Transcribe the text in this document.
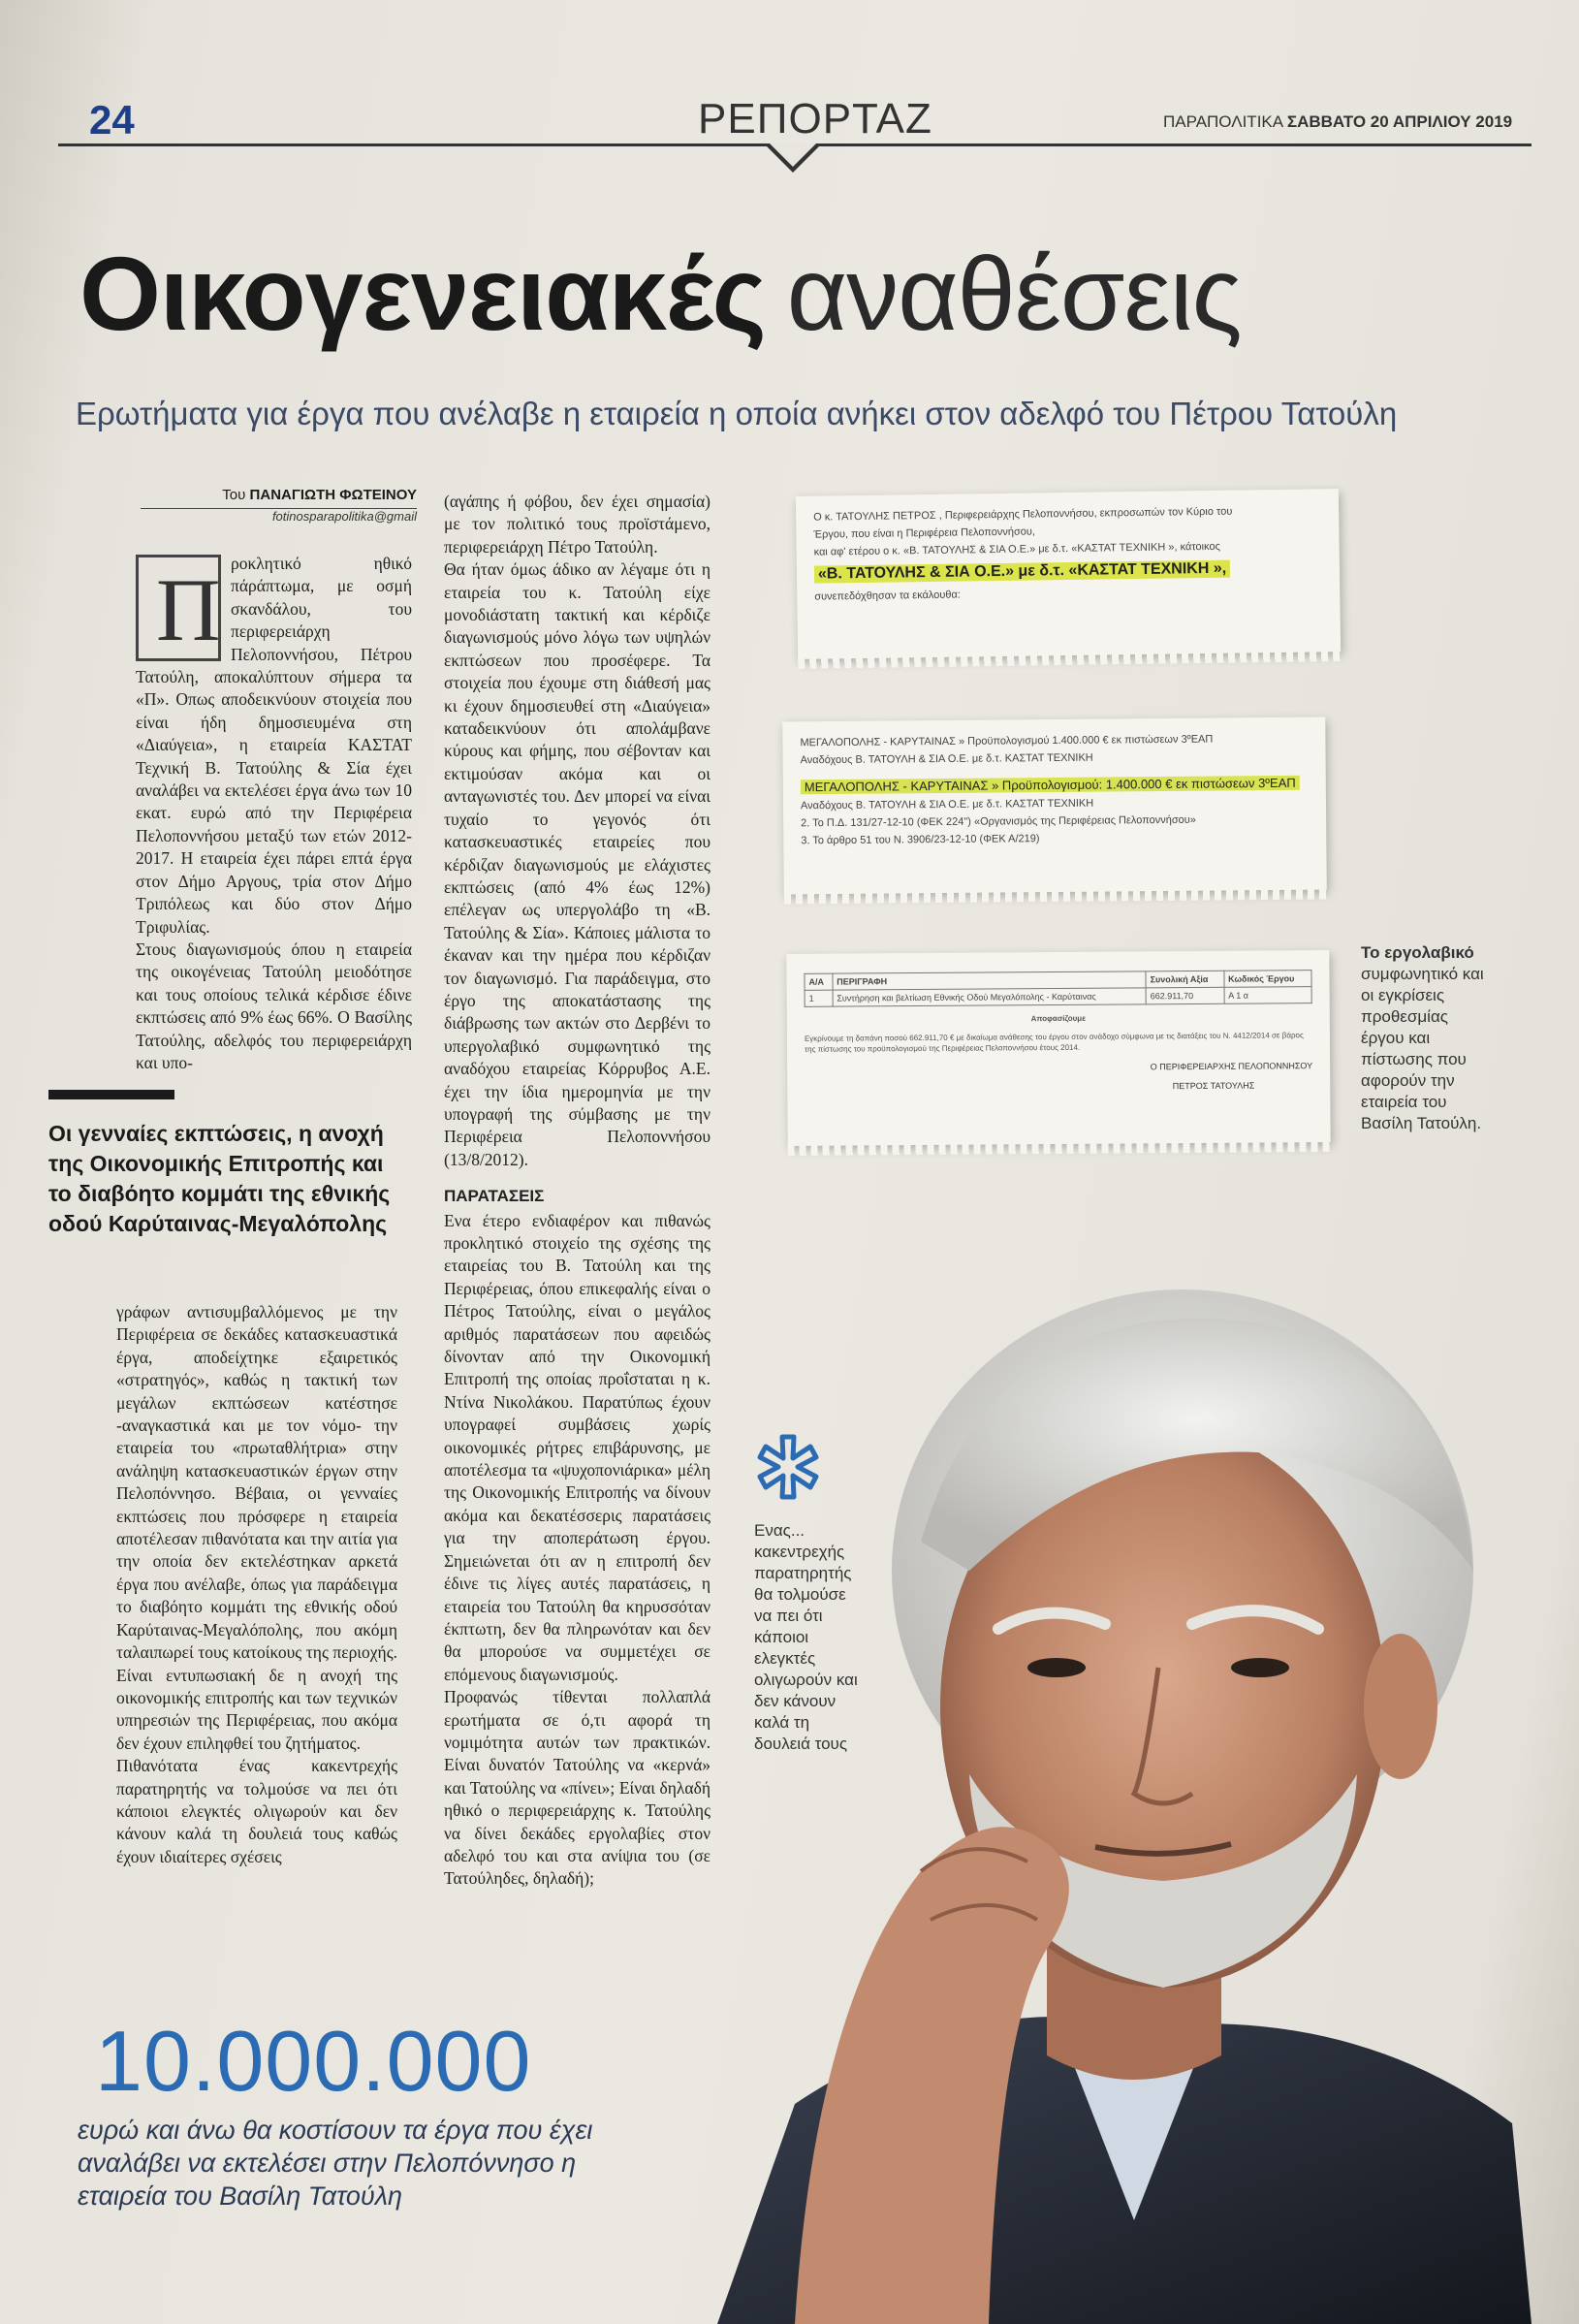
24	ΡΕΠΟΡΤΑΖ	ΠΑΡΑΠΟΛΙΤΙΚΑ ΣΑΒΒΑΤΟ 20 ΑΠΡΙΛΙΟΥ 2019
Οικογενειακές αναθέσεις
Ερωτήματα για έργα που ανέλαβε η εταιρεία η οποία ανήκει στον αδελφό του Πέτρου Τατούλη
Του ΠΑΝΑΓΙΩΤΗ ΦΩΤΕΙΝΟΥ
fotinosparapolitika@gmail
Π ροκλητικό ηθικό πάράπτωμα, με οσμή σκανδάλου, του περιφερειάρχη Πελοποννήσου, Πέτρου Τατούλη, αποκαλύπτουν σήμερα τα «Π». Οπως αποδεικνύουν στοιχεία που είναι ήδη δημοσιευμένα στη «Διαύγεια», η εταιρεία ΚΑΣΤΑΤ Τεχνική Β. Τατούλης & Σία έχει αναλάβει να εκτελέσει έργα άνω των 10 εκατ. ευρώ από την Περιφέρεια Πελοποννήσου μεταξύ των ετών 2012-2017. Η εταιρεία έχει πάρει επτά έργα στον Δήμο Αργους, τρία στον Δήμο Τριπόλεως και δύο στον Δήμο Τριφυλίας.

Στους διαγωνισμούς όπου η εταιρεία της οικογένειας Τατούλη μειοδότησε και τους οποίους τελικά κέρδισε έδινε εκπτώσεις από 9% έως 66%. Ο Βασίλης Τατούλης, αδελφός του περιφερειάρχη και υπο-

Οι γενναίες εκπτώσεις, η ανοχή της Οικονομικής Επιτροπής και το διαβόητο κομμάτι της εθνικής οδού Καρύταινας-Μεγαλόπολης

γράφων αντισυμβαλλόμενος με την Περιφέρεια σε δεκάδες κατασκευαστικά έργα, αποδείχτηκε εξαιρετικός «στρατηγός», καθώς η τακτική των μεγάλων εκπτώσεων κατέστησε -αναγκαστικά και με τον νόμο- την εταιρεία του «πρωταθλήτρια» στην ανάληψη κατασκευαστικών έργων στην Πελοπόννησο. Βέβαια, οι γενναίες εκπτώσεις που πρόσφερε η εταιρεία αποτέλεσαν πιθανότατα και την αιτία για την οποία δεν εκτελέστηκαν αρκετά έργα που ανέλαβε, όπως για παράδειγμα το διαβόητο κομμάτι της εθνικής οδού Καρύταινας-Μεγαλόπολης, που ακόμη ταλαιπωρεί τους κατοίκους της περιοχής. Είναι εντυπωσιακή δε η ανοχή της οικονομικής επιτροπής και των τεχνικών υπηρεσιών της Περιφέρειας, που ακόμα δεν έχουν επιληφθεί του ζητήματος.

Πιθανότατα ένας κακεντρεχής παρατηρητής να τολμούσε να πει ότι κάποιοι ελεγκτές ολιγωρούν και δεν κάνουν καλά τη δουλειά τους καθώς έχουν ιδιαίτερες σχέσεις

(αγάπης ή φόβου, δεν έχει σημασία) με τον πολιτικό τους προϊστάμενο, περιφερειάρχη Πέτρο Τατούλη.

Θα ήταν όμως άδικο αν λέγαμε ότι η εταιρεία του κ. Τατούλη είχε μονοδιάστατη τακτική και κέρδιζε διαγωνισμούς μόνο λόγω των υψηλών εκπτώσεων που προσέφερε. Τα στοιχεία που έχουμε στη διάθεσή μας κι έχουν δημοσιευθεί στη «Διαύγεια» καταδεικνύουν ότι απολάμβανε κύρους και φήμης, που σέβονταν και εκτιμούσαν ακόμα και οι ανταγωνιστές του. Δεν μπορεί να είναι τυχαίο το γεγονός ότι κατασκευαστικές εταιρείες που κέρδιζαν διαγωνισμούς με ελάχιστες εκπτώσεις (από 4% έως 12%) επέλεγαν ως υπεργολάβο τη «Β. Τατούλης & Σία». Κάποιες μάλιστα το έκαναν και την ημέρα που κέρδιζαν τον διαγωνισμό. Για παράδειγμα, στο έργο της αποκατάστασης της διάβρωσης των ακτών στο Δερβένι το υπεργολαβικό συμφωνητικό της αναδόχου εταιρείας Κόρρυβος Α.Ε. έχει την ίδια ημερομηνία με την υπογραφή της σύμβασης με την Περιφέρεια Πελοποννήσου (13/8/2012).

ΠΑΡΑΤΑΣΕΙΣ

Ενα έτερο ενδιαφέρον και πιθανώς προκλητικό στοιχείο της σχέσης της εταιρείας του Β. Τατούλη και της Περιφέρειας, όπου επικεφαλής είναι ο Πέτρος Τατούλης, είναι ο μεγάλος αριθμός παρατάσεων που αφειδώς δίνονταν από την Οικονομική Επιτροπή της οποίας προΐσταται η κ. Ντίνα Νικολάκου. Παρατύπως έχουν υπογραφεί συμβάσεις χωρίς οικονομικές ρήτρες επιβάρυνσης, με αποτέλεσμα τα «ψυχοπονιάρικα» μέλη της Οικονομικής Επιτροπής να δίνουν ακόμα και δεκατέσσερις παρατάσεις για την αποπεράτωση έργου. Σημειώνεται ότι αν η επιτροπή δεν έδινε τις λίγες αυτές παρατάσεις, η εταιρεία του Τατούλη θα κηρυσσόταν έκπτωτη, δεν θα πληρωνόταν και δεν θα μπορούσε να συμμετέχει σε επόμενους διαγωνισμούς.

Προφανώς τίθενται πολλαπλά ερωτήματα σε ό,τι αφορά τη νομιμότητα αυτών των πρακτικών. Είναι δυνατόν Τατούλης να «κερνά» και Τατούλης να «πίνει»; Είναι δηλαδή ηθικό ο περιφερειάρχης κ. Τατούλης να δίνει δεκάδες εργολαβίες στον αδελφό του και στα ανίψια του (σε Τατούληδες, δηλαδή);

Ο κ. ΤΑΤΟΥΛΗΣ ΠΕΤΡΟΣ , Περιφερειάρχης Πελοποννήσου, εκπροσωπών τον Κύριο του
Έργου, που είναι η Περιφέρεια Πελοποννήσου,
και αφ' ετέρου ο κ. «Β. ΤΑΤΟΥΛΗΣ & ΣΙΑ Ο.Ε.» με δ.τ. «ΚΑΣΤΑΤ ΤΕΧΝΙΚΗ », κάτοικος
«Β. ΤΑΤΟΥΛΗΣ & ΣΙΑ Ο.Ε.» με δ.τ. «ΚΑΣΤΑΤ ΤΕΧΝΙΚΗ »,
συνεπεδόχθησαν τα εκάλουθα:
ΜΕΓΑΛΟΠΟΛΗΣ - ΚΑΡΥΤΑΙΝΑΣ » Προϋπολογισμού 1.400.000 € εκ πιστώσεων 3ºΕΑΠ
Αναδόχους Β. ΤΑΤΟΥΛΗ & ΣΙΑ Ο.Ε. με δ.τ. ΚΑΣΤΑΤ ΤΕΧΝΙΚΗ
ΜΕΓΑΛΟΠΟΛΗΣ - ΚΑΡΥΤΑΙΝΑΣ » Προϋπολογισμού: 1.400.000 € εκ πιστώσεων 3ºΕΑΠ
Αναδόχους Β. ΤΑΤΟΥΛΗ & ΣΙΑ Ο.Ε. με δ.τ. ΚΑΣΤΑΤ ΤΕΧΝΙΚΗ
2. Το Π.Δ. 131/27-12-10 (ΦΕΚ 224") «Οργανισμός της Περιφέρειας Πελοποννήσου»
3. Το άρθρο 51 του Ν. 3906/23-12-10 (ΦΕΚ Α/219)
Α/Α	ΠΕΡΙΓΡΑΦΗ	Συνολική Αξία	Κωδικός Έργου
1	Συντήρηση και βελτίωση Εθνικής Οδού Μεγαλόπολης - Καρύταινας	662.911,70	Α 1 α
Αποφασίζουμε
Εγκρίνουμε τη δαπάνη ποσού 662.911,70 € με δικαίωμα ανάθεσης του έργου στον ανάδοχο σύμφωνα με τις διατάξεις του Ν. 4412/2014 σε βάρος της πίστωσης του προϋπολογισμού της Περιφέρειας Πελοποννήσου έτους 2014.
Ο ΠΕΡΙΦΕΡΕΙΑΡΧΗΣ ΠΕΛΟΠΟΝΝΗΣΟΥ
ΠΕΤΡΟΣ ΤΑΤΟΥΛΗΣ
Το εργολαβικό συμφωνητικό και οι εγκρίσεις προθεσμίας έργου και πίστωσης που αφορούν την εταιρεία του Βασίλη Τατούλη.
Ενας... κακεντρεχής παρατηρητής θα τολμούσε να πει ότι κάποιοι ελεγκτές ολιγωρούν και δεν κάνουν καλά τη δουλειά τους
10.000.000
ευρώ και άνω θα κοστίσουν τα έργα που έχει αναλάβει να εκτελέσει στην Πελοπόννησο η εταιρεία του Βασίλη Τατούλη
